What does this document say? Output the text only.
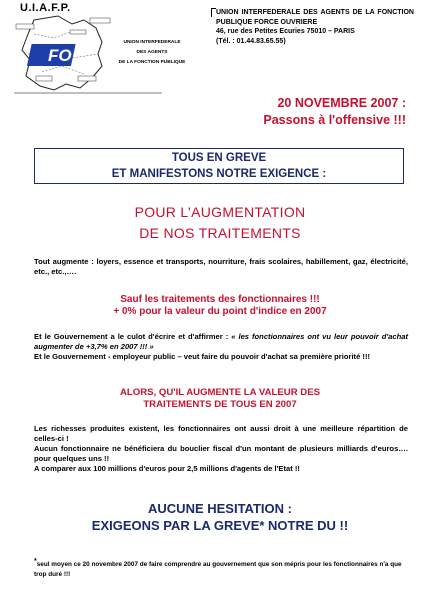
U.I.A.F.P.
FO
UNION INTERFEDERALE
DES AGENTS
DE LA FONCTION PUBLIQUE
UNION INTERFEDERALE DES AGENTS DE LA FONCTION PUBLIQUE FORCE OUVRIERE
46, rue des Petites Ecuries 75010 – PARIS
(Tél. : 01.44.83.65.55)
20 NOVEMBRE 2007 :
Passons à l'offensive !!!
TOUS EN GREVE
ET MANIFESTONS NOTRE EXIGENCE :
POUR L’AUGMENTATION
DE NOS TRAITEMENTS
Tout augmente : loyers, essence et transports, nourriture, frais scolaires, habillement, gaz, électricité, etc., etc.,….
Sauf les traitements des fonctionnaires !!!
+ 0% pour la valeur du point d'indice en 2007
Et le Gouvernement a le culot d'écrire et d'affirmer : « les fonctionnaires ont vu leur pouvoir d'achat augmenter de +3,7% en 2007 !!! »
Et le Gouvernement - employeur public – veut faire du pouvoir d'achat sa première priorité !!!
ALORS, QU'IL AUGMENTE LA VALEUR DES
TRAITEMENTS DE TOUS EN 2007
Les richesses produites existent, les fonctionnaires ont aussi droit à une meilleure répartition de celles-ci !
Aucun fonctionnaire ne bénéficiera du bouclier fiscal d'un montant de plusieurs milliards d'euros…. pour quelques uns !!
A comparer aux 100 millions d'euros pour 2,5 millions d'agents de l'Etat !!
AUCUNE HESITATION :
EXIGEONS PAR LA GREVE* NOTRE DU !!
*seul moyen ce 20 novembre 2007 de faire comprendre au gouvernement que son mépris pour les fonctionnaires n'a que trop duré !!!
